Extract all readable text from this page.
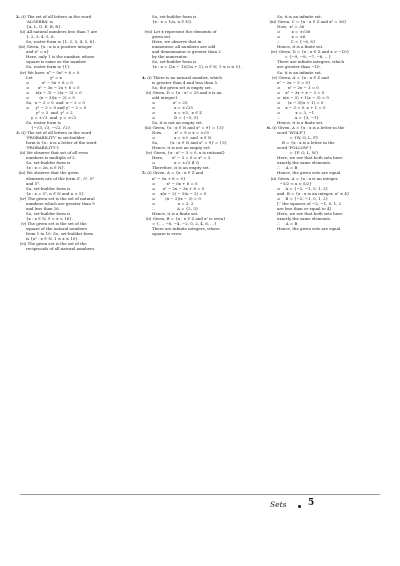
2. (i) The set of all letters in the word
'ALGEBRA' is
{A, L, G, E, B, R}.
(ii) All natural numbers less than 7 are
1, 2, 3, 4, 5, 6.
So, roster form is {1, 2, 3, 4, 5, 6}.
(iii) Given, {x : x is a positive integer
and x² = x}
Here, only 1 is the number, whose
square is same as the number.
So, roster form is {1}.
(iv) We have, x⁴ − 5x² + 6 = 0
Let              y² = x
⇒          x² − 5x + 6 = 0
⇒       x² − 3x − 2x + 6 = 0
⇒     x(x − 3) − 2(x − 3) = 0
⇒        (x − 3)(x − 2) = 0
So,  x − 3 = 0  and  x − 2 = 0
⇒     y² − 3 = 0 and y² − 2 = 0
y² = 3  and  y² = 2
y = ±√3  and  y = ±√2
So, roster form is
{−√3, √3, −√2, √2}.
3. (i) The set of all letters in the word
'PROBABILITY' in set-builder
form is {x : x is a letter of the word
'PROBABILITY'}.
(ii) We observe that set of all even
numbers is multiple of 2.
So, set-builder form is
{x : x = 2n, n ∈ N}.
(iii) We observe that the given
elements are of the form 5¹, 5², 5³
and 5⁴.
So, set-builder form is
{x : x = 5ⁿ, n ∈ N and n < 5}.
(iv) The given set is the set of natural
numbers which are greater than 9
and less than 16.
So, set-builder form is
{x : x ∈ N, 9 < x < 16}.
(v) The given set is the set of the
square of the natural numbers
from 1 to 10. So, set-builder form
is {x² : x ∈ N, 1 ≤ x ≤ 10}.
(vi) The given set is the set of the
reciprocals of all natural numbers.
So, set-builder form is
{x : x = 1/n, n ∈ N}.

(vii) Let x represent the elements of
given set.
Here, we observe that in
numerator, all numbers are odd
and denominator is greater than 2
by the numerator.
So, set-builder form is
{x : x = (2n − 1)/(2n + 1), n ∈ N, 1 ≤ n ≤ 5}.

4. (i) There is no natural number, which
is greater than 4 and less than 5.
So, the given set is empty set.
(ii) Given, D = {x : x² = 25 and x is an
odd integer}
⇒              x² = 25
⇒               x = ±√25
⇒               x = ±5,  x ∈ Z
⇒               D = {−5, 5}
So, it is not an empty set.
(iii) Given, {x : x ∈ N and x² = 9} = {3}
Now,          x² = 9 ⇒ x = ±√9
⇒               x = ±3  and  x ∈ N
So,         {x : x ∈ N and x² = 9} = {3}
Hence, it is not an empty set.
(iv) Given, {x : x² − 3 = 0, x is rational}
Here,       x² − 3 = 0 ⇒ x² = 3
⇒               x = ±√3 ∉ Q
Therefore, it is an empty set.
5. (i) Given, A = {x : x ∈ Z and
x² − 5x + 6 = 0}
⇒         x² − 5x + 6 = 0
⇒      x² − 2x − 3x + 6 = 0
⇒    x(x − 2) − 3(x − 2) = 0
⇒        (x − 2)(x − 3) = 0
⇒                  x = 2, 3
∴                  A = {2, 3}
Hence, it is a finite set.
(ii) Given, B = {x : x ∈ Z and x² is even}
= {..., −6, −4, −2, 0, 2, 4, 6, ...}
There are infinite integers, whose
square is even.
So, it is an infinite set.
(iii) Given, C = {x : x ∈ Z and x² = 36}
Now,  x² = 36
⇒         x = ±√36
⇒         x = ±6
∴         C = {−6, 6}
Hence, it is a finite set.
(iv) Given, D = {x : x ∈ Z and x > −10}
= {−9, −8, −7, −6, ...}
There are infinite integers, which
are greater than −10.
So, it is an infinite set.
(v) Given, A = {x : x ∈ Z and
x² − 2x − 3 = 0}
⇒      x² − 2x − 3 = 0
⇒    x² − 3x + x − 3 = 0
⇒  x(x − 3) + 1(x − 3) = 0
⇒      (x − 3)(x + 1) = 0
⇒    x − 3 = 0, x + 1 = 0
⇒            x = 3, −1
∴            A = {3, −1}
Hence, it is a finite set.
6. (i) Given, A = {x : x is a letter in the
word 'WOLF'}
= {W, O, L, F}
B = {x : x is a letter in the
word 'FOLLOW'}
= {F, O, L, W}
Here, we see that both sets have
exactly the same elements.
∴     A = B
Hence, the given sets are equal.
(ii) Given, A = {x : x is an integer,
−5/2 < x < 5/2}
⇒    A = {−2, −1, 0, 1, 2}
and  B = {x : x is an integer, x² ≤ 4}
⇒    B = {−2, −1, 0, 1, 2}
[∵ the squares of −2, −1, 0, 1, 2
are less than or equal to 4]
Here, we see that both sets have
exactly the same elements.
∴     A = B
Hence, the given sets are equal.
Sets 5
